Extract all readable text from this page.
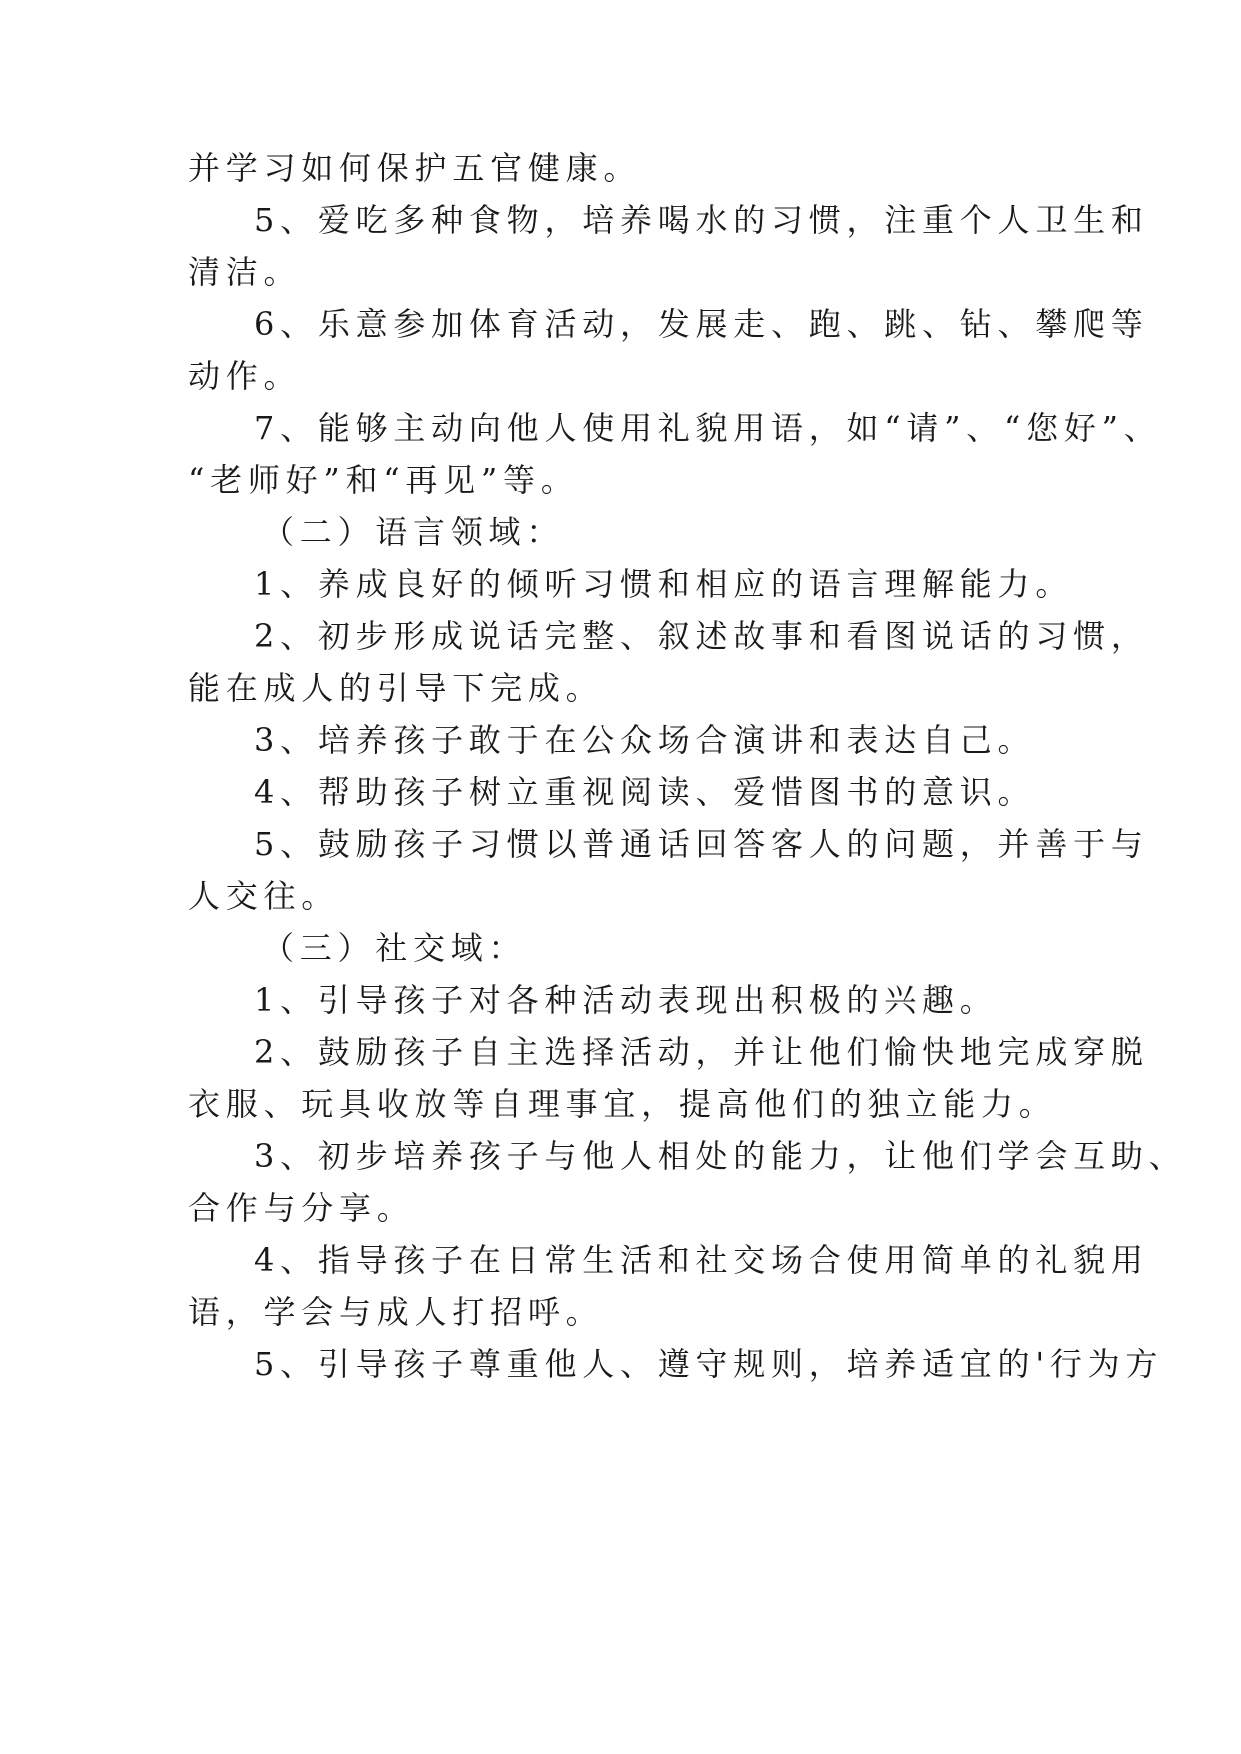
并学习如何保护五官健康。
5、爱吃多种食物，培养喝水的习惯，注重个人卫生和
清洁。
6、乐意参加体育活动，发展走、跑、跳、钻、攀爬等
动作。
7、能够主动向他人使用礼貌用语，如“请”、“您好”、
“老师好”和“再见”等。
（二）语言领域：
1、养成良好的倾听习惯和相应的语言理解能力。
2、初步形成说话完整、叙述故事和看图说话的习惯，
能在成人的引导下完成。
3、培养孩子敢于在公众场合演讲和表达自己。
4、帮助孩子树立重视阅读、爱惜图书的意识。
5、鼓励孩子习惯以普通话回答客人的问题，并善于与
人交往。
（三）社交域：
1、引导孩子对各种活动表现出积极的兴趣。
2、鼓励孩子自主选择活动，并让他们愉快地完成穿脱
衣服、玩具收放等自理事宜，提高他们的独立能力。
3、初步培养孩子与他人相处的能力，让他们学会互助、
合作与分享。
4、指导孩子在日常生活和社交场合使用简单的礼貌用
语，学会与成人打招呼。
5、引导孩子尊重他人、遵守规则，培养适宜的'行为方
